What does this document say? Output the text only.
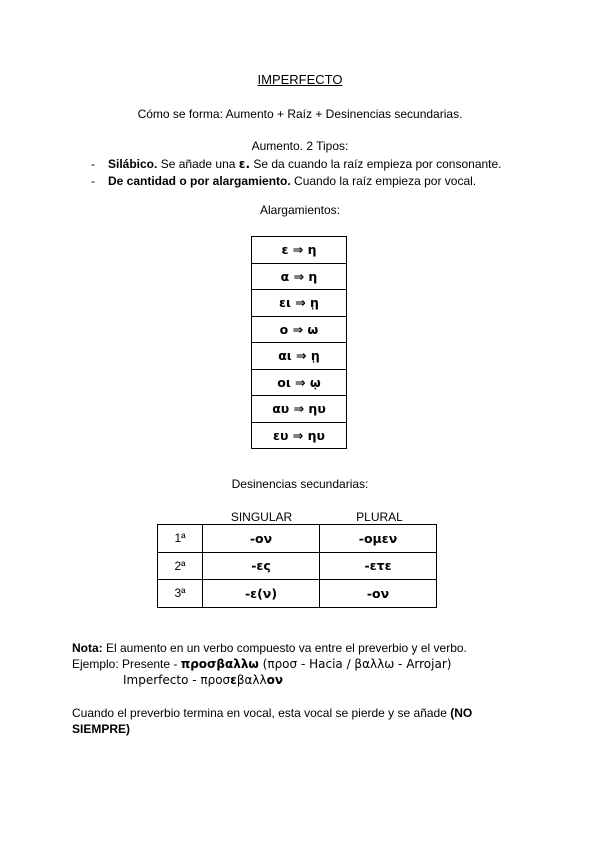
IMPERFECTO
Cómo se forma: Aumento + Raíz + Desinencias secundarias.
Aumento. 2 Tipos:
-	Silábico. Se añade una ε. Se da cuando la raíz empieza por consonante.
-	De cantidad o por alargamiento. Cuando la raíz empieza por vocal.
Alargamientos:
ε ⇒ η
α ⇒ η
ει ⇒ ῃ
ο ⇒ ω
αι ⇒ ῃ
οι ⇒ ῳ
αυ ⇒ ηυ
ευ ⇒ ηυ
Desinencias secundarias:
SINGULAR	PLURAL
1ª	-ον	-ομεν
2ª	-ες	-ετε
3ª	-ε(ν)	-ον
Nota: El aumento en un verbo compuesto va entre el preverbio y el verbo.
Ejemplo: Presente - προσβαλλω (προσ - Hacia / βαλλω - Arrojar)
Imperfecto - προσεβαλλον
Cuando el preverbio termina en vocal, esta vocal se pierde y se añade (NO SIEMPRE)
